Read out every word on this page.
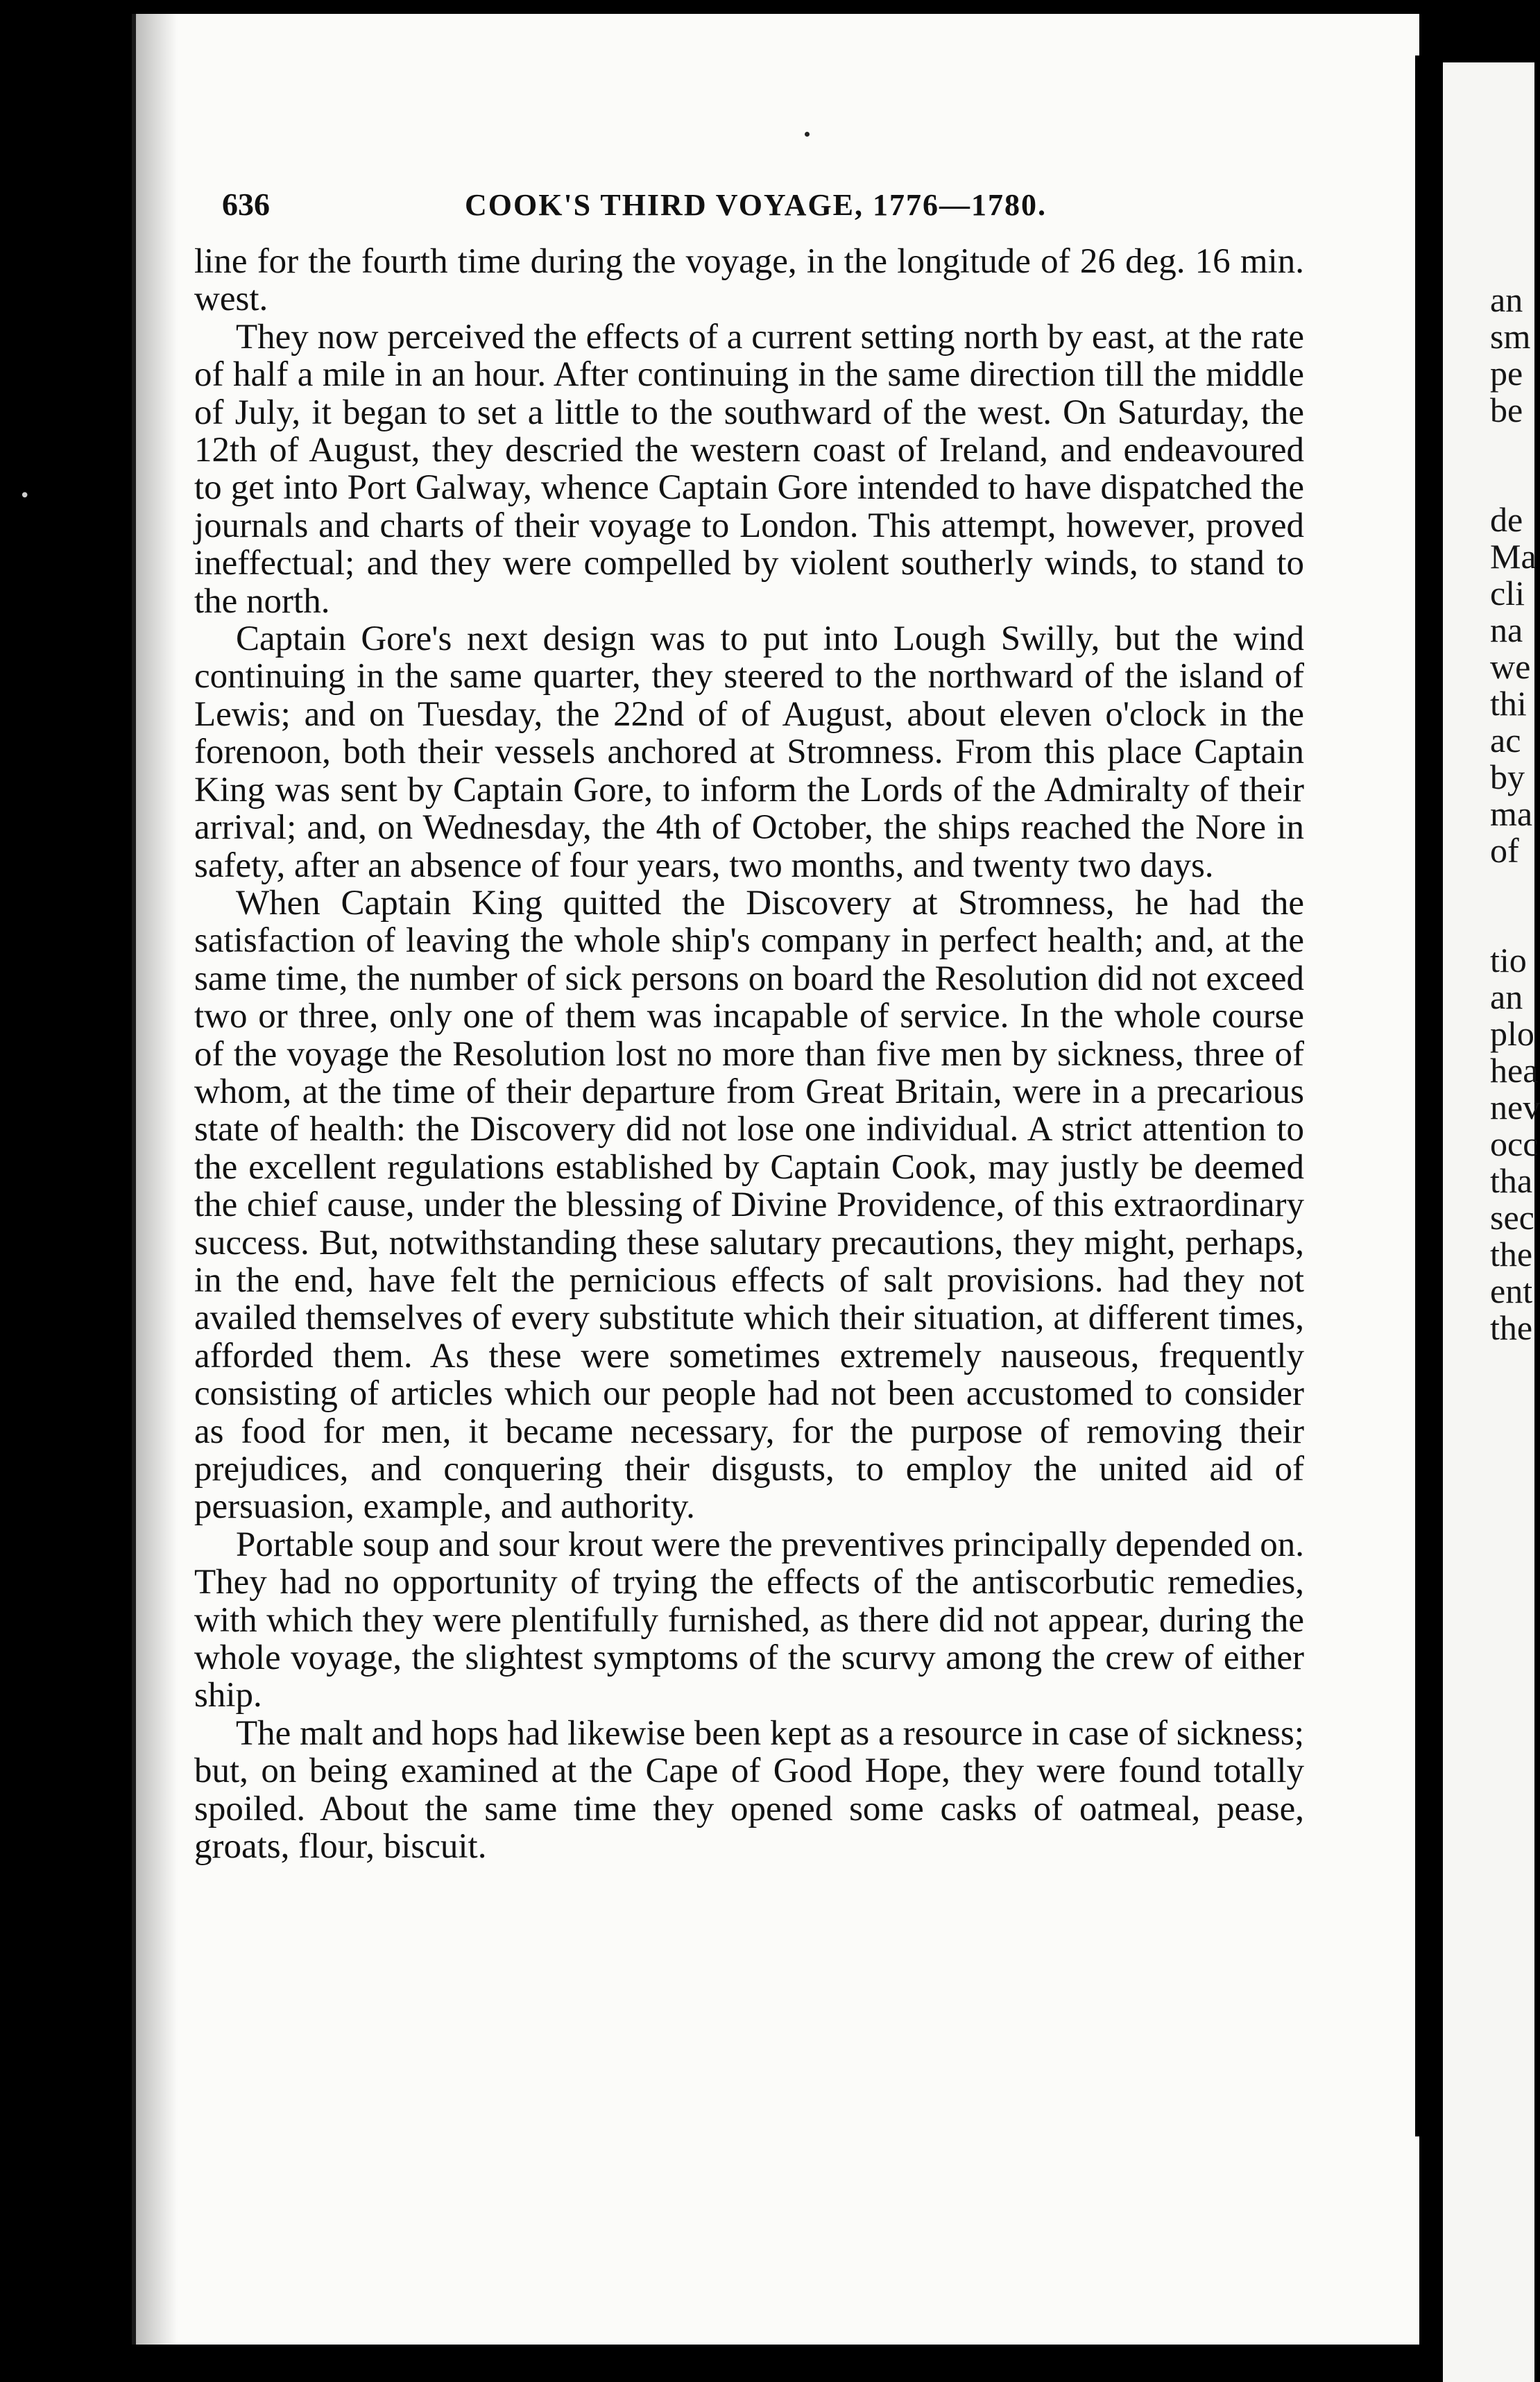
•
636	COOK'S THIRD VOYAGE, 1776—1780.

line for the fourth time during the voyage, in the longitude of 26 deg. 16 min. west.

They now perceived the effects of a current setting north by east, at the rate of half a mile in an hour. After continuing in the same direction till the middle of July, it began to set a little to the southward of the west. On Saturday, the 12th of August, they descried the western coast of Ireland, and endeavoured to get into Port Galway, whence Captain Gore intended to have dispatched the journals and charts of their voyage to London. This attempt, however, proved ineffectual; and they were compelled by violent southerly winds, to stand to the north.

Captain Gore's next design was to put into Lough Swilly, but the wind continuing in the same quarter, they steered to the northward of the island of Lewis; and on Tuesday, the 22nd of of August, about eleven o'clock in the forenoon, both their vessels anchored at Stromness. From this place Captain King was sent by Captain Gore, to inform the Lords of the Admiralty of their arrival; and, on Wednesday, the 4th of October, the ships reached the Nore in safety, after an absence of four years, two months, and twenty two days.

When Captain King quitted the Discovery at Stromness, he had the satisfaction of leaving the whole ship's company in perfect health; and, at the same time, the number of sick persons on board the Resolution did not exceed two or three, only one of them was incapable of service. In the whole course of the voyage the Resolution lost no more than five men by sickness, three of whom, at the time of their departure from Great Britain, were in a precarious state of health: the Discovery did not lose one individual. A strict attention to the excellent regulations established by Captain Cook, may justly be deemed the chief cause, under the blessing of Divine Providence, of this extraordinary success. But, notwithstanding these salutary precautions, they might, perhaps, in the end, have felt the pernicious effects of salt provisions. had they not availed themselves of every substitute which their situation, at different times, afforded them. As these were sometimes extremely nauseous, frequently consisting of articles which our people had not been accustomed to consider as food for men, it became necessary, for the purpose of removing their prejudices, and conquering their disgusts, to employ the united aid of persuasion, example, and authority.

Portable soup and sour krout were the preventives principally depended on. They had no opportunity of trying the effects of the antiscorbutic remedies, with which they were plentifully furnished, as there did not appear, during the whole voyage, the slightest symptoms of the scurvy among the crew of either ship.

The malt and hops had likewise been kept as a resource in case of sickness; but, on being examined at the Cape of Good Hope, they were found totally spoiled. About the same time they opened some casks of oatmeal, pease, groats, flour, biscuit.

an
sm
pe
be
de
Ma
cli
na
we
thi
ac
by
ma
of
tio
an
plo
hea
nev
occ
tha
sec
the
ent
the
